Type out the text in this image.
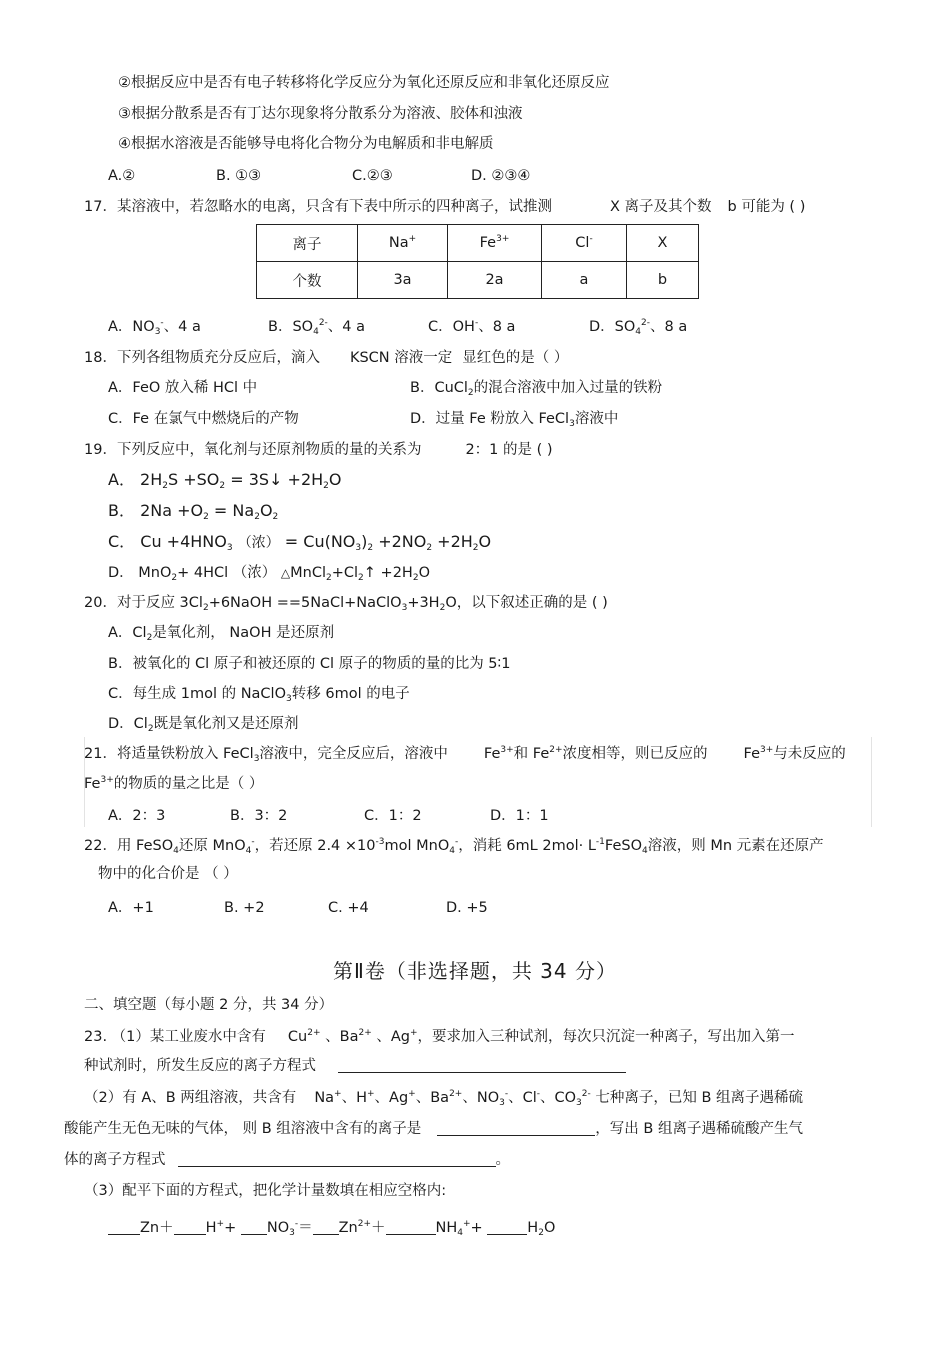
②根据反应中是否有电子转移将化学反应分为氧化还原反应和非氧化还原反应
③根据分散系是否有丁达尔现象将分散系分为溶液、胶体和浊液
④根据水溶液是否能够导电将化合物分为电解质和非电解质
A.②	B. ①③	C.②③	D. ②③④
17．某溶液中，若忽略水的电离，只含有下表中所示的四种离子，试推测	X 离子及其个数 b 可能为 ( )
离子	Na+	$Fe^{3+}$	Cl-	X
个数	3a	2a	a	b
A．$NO_3^-$、4 a	B．$SO_4^{2-}$、4 a	C．OH-、8 a	D．$SO_4^{2-}$、8 a
18．下列各组物质充分反应后，滴入 KSCN 溶液一定 显红色的是（ ）
A．FeO 放入稀 HCl 中	B．CuCl$_2$的混合溶液中加入过量的铁粉
C．Fe 在氯气中燃烧后的产物	D．过量 Fe 粉放入 FeCl$_3$溶液中
19．下列反应中，氧化剂与还原剂物质的量的关系为	2：1 的是 ( )
A． $2H_2S +SO_2$ = 3S↓ $+2H_2O$
B． $2Na +O_2 = Na_2O_2$
C． $Cu +4HNO_3$ （浓） = $Cu(NO_3)_2 +2NO_2 +2H_2O$
D． MnO$_2$+ 4HCl （浓） $\triangle MnCl_2+Cl_2↑ +2H_2O$
20．对于反应 $3Cl_2+6NaOH$ $==5NaCl+NaClO_3+3H_2O$，以下叙述正确的是 ( )
A．$Cl_2$是氧化剂， NaOH 是还原剂
B．被氧化的 Cl 原子和被还原的 Cl 原子的物质的量的比为 5∶1
C．每生成 1mol 的 NaClO$_3$转移 6mol 的电子
D．$Cl_2$既是氧化剂又是还原剂
21．将适量铁粉放入 FeCl$_3$溶液中，完全反应后，溶液中 $Fe^{3+}$和 $Fe^{2+}$浓度相等，则已反应的 $Fe^{3+}$与未反应的
$Fe^{3+}$的物质的量之比是（ ）
A．2：3	B．3：2	C．1：2	D．1：1
22．用 FeSO$_4$还原 MnO$_4$-，若还原 $2.4 \times 10^{-3}mol$ MnO$_4$-，消耗 6mL $2mol\cdot L^{-1}FeSO_4$溶液，则 Mn 元素在还原产
物中的化合价是 （ ）
A．+1	B. +2	C. +4	D. +5
第Ⅱ卷（非选择题，共 34 分）
二、填空题（每小题 2 分，共 34 分）
23. （1）某工业废水中含有 $Cu^{2+}$ 、$Ba^{2+}$ 、Ag+，要求加入三种试剂，每次只沉淀一种离子，写出加入第一
种试剂时，所发生反应的离子方程式
（2）有 A、B 两组溶液，共含有 Na+、H+、Ag+、$Ba^{2+}$、$NO_3^-$、Cl-、$CO_3^{2-}$ 七种离子，已知 B 组离子遇稀硫
酸能产生无色无味的气体， 则 B 组溶液中含有的离子是	，写出 B 组离子遇稀硫酸产生气
体的离子方程式	。
（3）配平下面的方程式，把化学计量数填在相应空格内:
$Zn+ H^++ NO_3^-= Zn^{2+}+$	$NH_4^++$	$H_2O$
